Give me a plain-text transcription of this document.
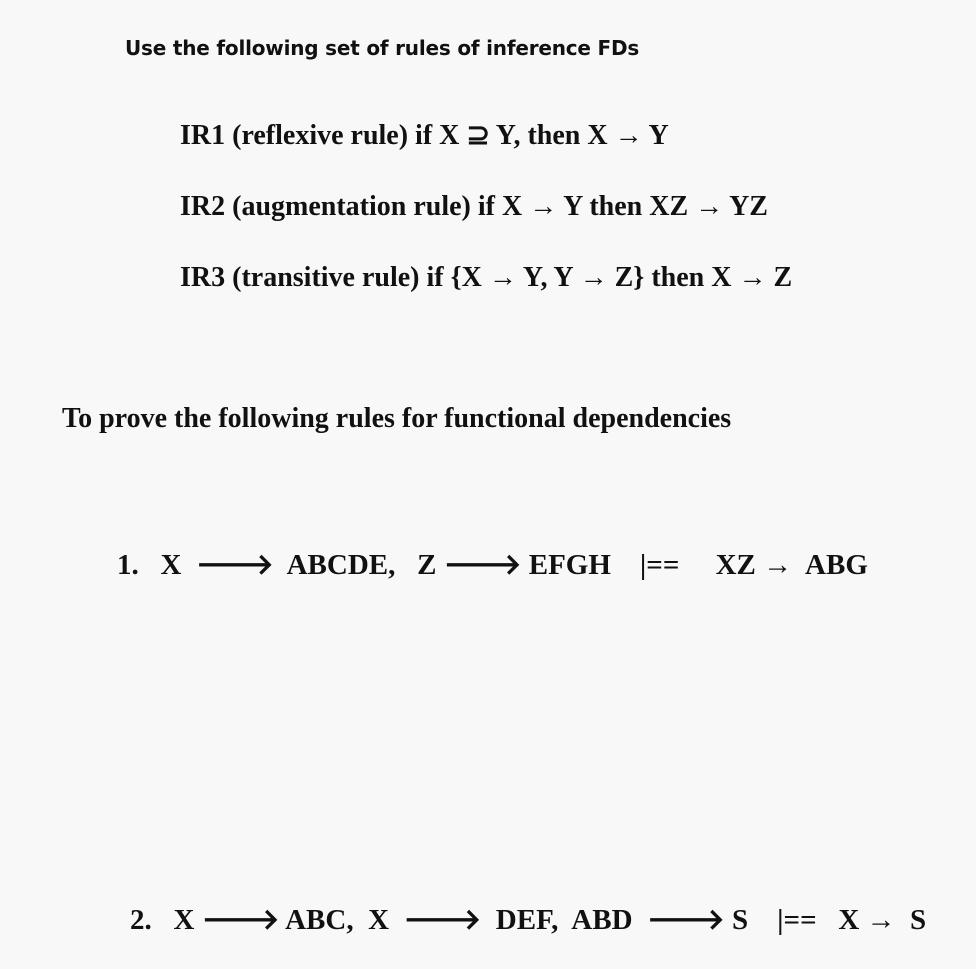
Use the following set of rules of inference FDs
IR1 (reflexive rule) if X ⊇ Y, then X → Y
IR2 (augmentation rule) if X → Y then XZ → YZ
IR3 (transitive rule) if {X → Y, Y → Z} then X → Z
To prove the following rules for functional dependencies
1.   X  🡒  ABCDE,   Z 🡒 EFGH    |==     XZ →  ABG
2.   X 🡒 ABC,  X  🡒  DEF,  ABD  🡒 S    |==   X →  S
